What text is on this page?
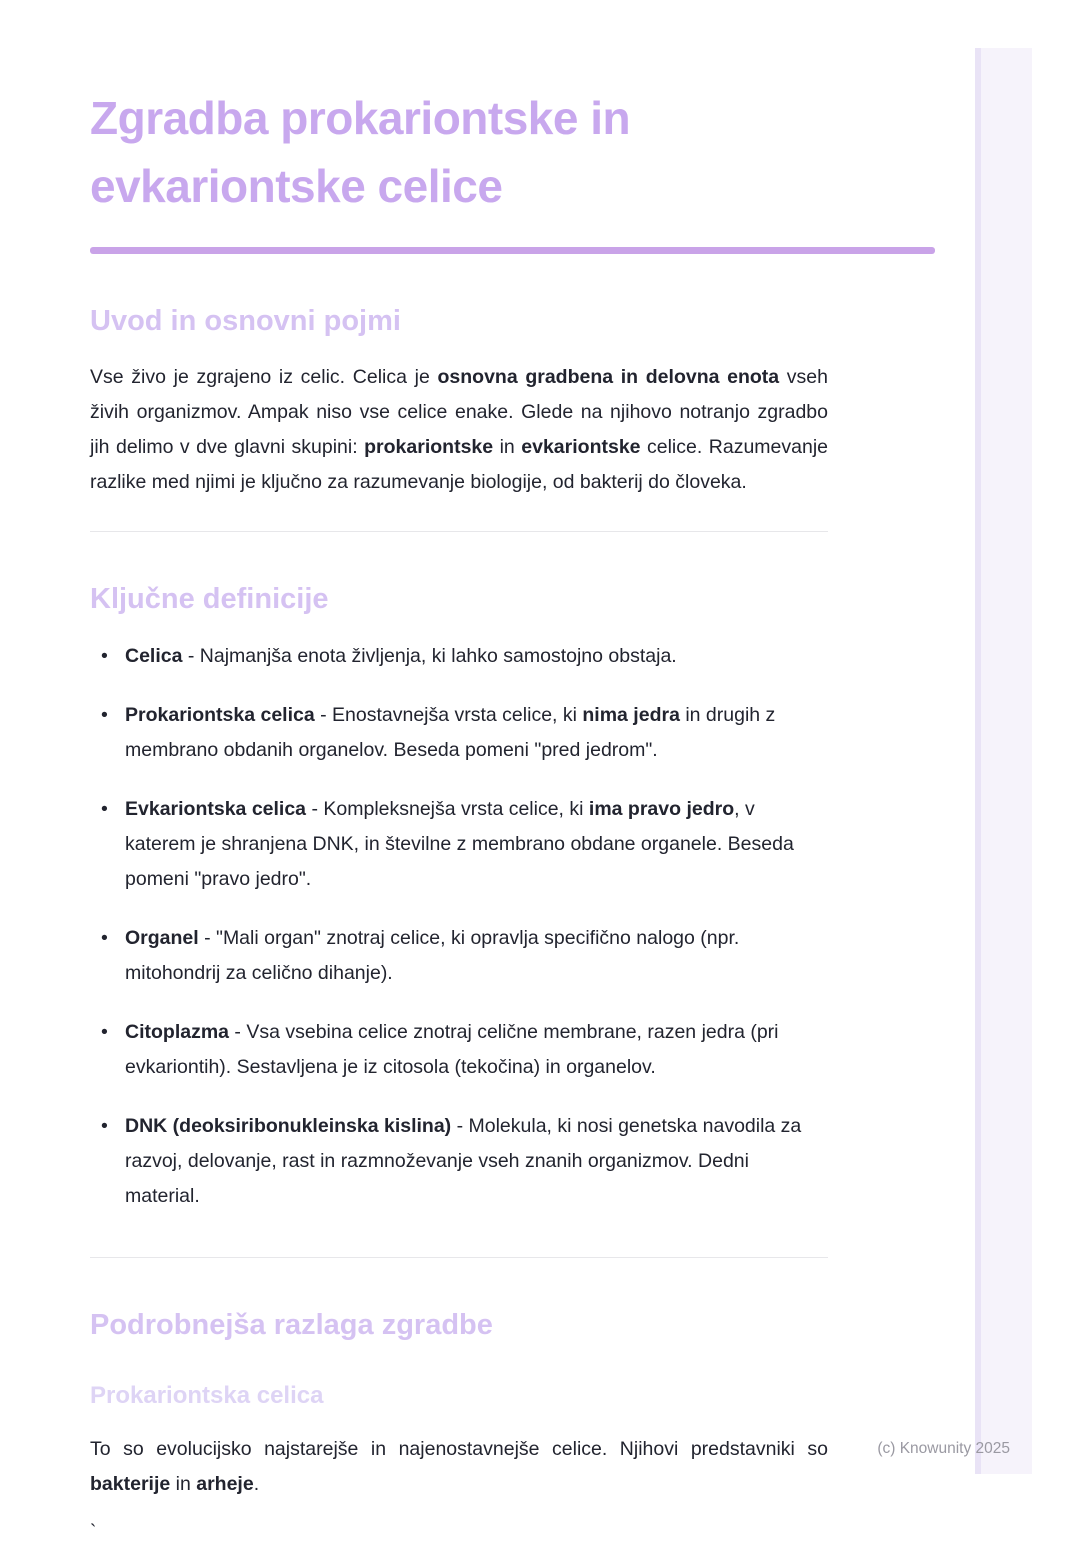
Zgradba prokariontske in
evkariontske celice
Uvod in osnovni pojmi

Vse živo je zgrajeno iz celic. Celica je osnovna gradbena in delovna enota vseh živih organizmov. Ampak niso vse celice enake. Glede na njihovo notranjo zgradbo jih delimo v dve glavni skupini: prokariontske in evkariontske celice. Razumevanje razlike med njimi je ključno za razumevanje biologije, od bakterij do človeka.

Ključne definicije
• Celica - Najmanjša enota življenja, ki lahko samostojno obstaja.
• Prokariontska celica - Enostavnejša vrsta celice, ki nima jedra in drugih z membrano obdanih organelov. Beseda pomeni "pred jedrom".
• Evkariontska celica - Kompleksnejša vrsta celice, ki ima pravo jedro, v katerem je shranjena DNK, in številne z membrano obdane organele. Beseda pomeni "pravo jedro".
• Organel - "Mali organ" znotraj celice, ki opravlja specifično nalogo (npr. mitohondrij za celično dihanje).
• Citoplazma - Vsa vsebina celice znotraj celične membrane, razen jedra (pri evkariontih). Sestavljena je iz citosola (tekočina) in organelov.
• DNK (deoksiribonukleinska kislina) - Molekula, ki nosi genetska navodila za razvoj, delovanje, rast in razmnoževanje vseh znanih organizmov. Dedni material.
Podrobnejša razlaga zgradbe
Prokariontska celica

To so evolucijsko najstarejše in najenostavnejše celice. Njihovi predstavniki so bakterije in arheje.

`

(c) Knowunity 2025
